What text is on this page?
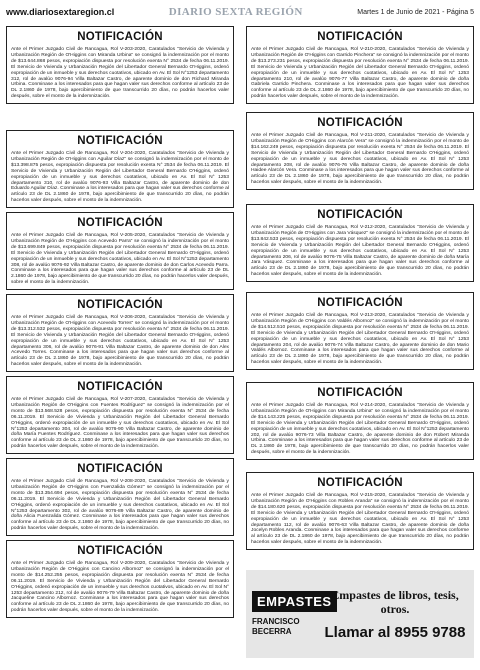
www.diariosextaregion.cl	DIARIO SEXTA REGIÓN	Martes 1 de Junio de 2021 - Página 5
NOTIFICACIÓN

Ante el Primer Juzgado Civil de Rancagua, Rol V-203-2020, Caratulados "Servicio de Vivienda y Urbanización Región de O'Higgins con Miranda Urbina" se consignó la indemnización por el monto de $13.644.868 pesos, expropiación dispuesta por resolución exenta N° 2534 de fecha 06.11.2019. El Servicio de Vivienda y Urbanización Región del Libertador General Bernardo O'Higgins, ordenó expropiación de un inmueble y sus derechos cuotativos, ubicado en Av. El Sol N°1253 departamento 312, rol de avalúo 9076-94 Villa Baltazar Castro, de aparente dominio de don Richard Miranda Urbina. Conminase a los interesados para que hagan valer sus derechos conforme al artículo 23 de DL 2.1860 de 1978, bajo apercibimiento de que transcurrido 20 días, no podrán hacerlos valer después, sobre el monto de la indemnización.

NOTIFICACIÓN

Ante el Primer Juzgado Civil de Rancagua, Rol V-204-2020, Caratulados "Servicio de Vivienda y Urbanización Región de O'Higgins con Aguilar Díaz" se consignó la indemnización por el monto de $13.398.875 pesos, expropiación dispuesta por resolución exenta N° 2534 de fecha 06.11.2019. El Servicio de Vivienda y Urbanización Región del Libertador General Bernardo O'Higgins, ordenó expropiación de un inmueble y sus derechos cuotativos, ubicado en Av. El Sol N° 1253 departamento 310, rol de avalúo 9076-93 Villa Baltazar Castro, de aparente dominio de don Eduardo Aguilar Díaz. Conminase a los interesados para que hagan valer sus derechos conforme al artículo 23 de DL 2.1860 de 1978, bajo apercibimiento de que transcurrido 20 días, no podrán hacerlos valer después, sobre el monto de la indemnización.

NOTIFICACIÓN

Ante el Primer Juzgado Civil de Rancagua, Rol V-205-2020, Caratulados "Servicio de Vivienda y Urbanización Región de O'Higgins con Acevedo Parra" se consignó la indemnización por el monto de $13.699.849 pesos, expropiación dispuesta por resolución exenta N° 2534 de fecha 06.11.2019. El Servicio de Vivienda y Urbanización Región del Libertador General Bernardo O'Higgins, ordenó expropiación de un inmueble y sus derechos cuotativos, ubicado en Av. El Sol N°1253 departamento 308, rol de avalúo 9076-92 Villa Baltazar Castro, de aparente dominio de don Carlos Acevedo Parra. Conminase a los interesados para que hagan valer sus derechos conforme al artículo 23 de DL 2.1860 de 1978, bajo apercibimiento de que transcurrido 20 días, no podrán hacerlos valer después, sobre el monto de la indemnización.

NOTIFICACIÓN

Ante el Primer Juzgado Civil de Rancagua, Rol V-206-2020, Caratulados "Servicio de Vivienda y Urbanización Región de O'Higgins con Acevedo Torres" se consignó la indemnización por el monto de $13.312.532 pesos, expropiación dispuesta por resolución exenta N° 2534 de fecha 06.11.2019. El Servicio de Vivienda y Urbanización Región del Libertador General Bernardo O'Higgins, ordenó expropiación de un inmueble y sus derechos cuotativos, ubicado en Av. El Sol N° 1253 departamento 306, rol de avalúo 9076-91 Villa Baltazar Castro, de aparente dominio de don Alex Acevedo Torres. Conminase a los interesados para que hagan valer sus derechos conforme al artículo 23 de DL 2.1860 de 1978, bajo apercibimiento de que transcurrido 20 días, no podrán hacerlos valer después, sobre el monto de la indemnización.

NOTIFICACIÓN

Ante el Primer Juzgado Civil de Rancagua, Rol V-207-2020, Caratulados "Servicio de Vivienda y Urbanización Región de O'Higgins con Fuentes Rodríguez" se consignó la indemnización por el monto de $13.568.528 pesos, expropiación dispuesta por resolución exenta N° 2534 de fecha 06.11.2019. El Servicio de Vivienda y Urbanización Región del Libertador General Bernardo O'Higgins, ordenó expropiación de un inmueble y sus derechos cuotativos, ubicado en Av. El Sol N°1253 departamento 304, rol de avalúo 9076-90 Villa Baltazar Castro, de aparente dominio de doña María Fuentes Rodríguez. Conminase a los interesados para que hagan valer sus derechos conforme al artículo 23 de DL 2.1860 de 1978, bajo apercibimiento de que transcurrido 20 días, no podrán hacerlos valer después, sobre el monto de la indemnización.

NOTIFICACIÓN

Ante el Primer Juzgado Civil de Rancagua, Rol V-208-2020, Caratulados "Servicio de Vivienda y Urbanización Región de O'Higgins con Fuenzalida Gómez" se consignó la indemnización por el monto de $13.354.694 pesos, expropiación dispuesta por resolución exenta N° 2534 de fecha 06.11.2019. El Servicio de Vivienda y Urbanización Región del Libertador General Bernardo O'Higgins, ordenó expropiación de un inmueble y sus derechos cuotativos, ubicado en Av. El Sol N°1253 departamento 302, rol de avalúo 9076-89 Villa Baltazar Castro, de aparente dominio de doña Alicia Fuenzalida Gómez. Conminase a los interesados para que hagan valer sus derechos conforme al artículo 23 de DL 2.1860 de 1978, bajo apercibimiento de que transcurrido 20 días, no podrán hacerlos valer después, sobre el monto de la indemnización.

NOTIFICACIÓN

Ante el Primer Juzgado Civil de Rancagua, Rol V-209-2020, Caratulados "Servicio de Vivienda y Urbanización Región de O'Higgins con Cancino Albornoz" se consignó la indemnización por el monto de $14.252.255 pesos, expropiación dispuesta por resolución exenta N° 2534 de fecha 06.11.2019. El Servicio de Vivienda y Urbanización Región del Libertador General Bernardo O'Higgins, ordenó expropiación de un inmueble y sus derechos cuotativos, ubicado en Av. El Sol N° 1253 departamento 212, rol de avalúo 9076-79 Villa Baltazar Castro, de aparente dominio de doña Jacqueline Cancino Albornoz. Conminase a los interesados para que hagan valer sus derechos conforme al artículo 23 de DL 2.1860 de 1978, bajo apercibimiento de que transcurrido 20 días, no podrán hacerlos valer después, sobre el monto de la indemnización.

NOTIFICACIÓN

Ante el Primer Juzgado Civil de Rancagua, Rol V-210-2020, Caratulados "Servicio de Vivienda y Urbanización Región de O'Higgins con Garrido Pinchera" se consignó la indemnización por el monto de $13.273.231 pesos, expropiación dispuesta por resolución exenta N° 2534 de fecha 06.11.2019. El Servicio de Vivienda y Urbanización Región del Libertador General Bernardo O'Higgins, ordenó expropiación de un inmueble y sus derechos cuotativos, ubicado en Av. El Sol N° 1253 departamento 210, rol de avalúo 9076-77 Villa Baltazar Castro, de aparente dominio de doña Gabriela Garrido Pinchera. Conminase a los interesados para que hagan valer sus derechos conforme al artículo 23 de DL 2.1860 de 1978, bajo apercibimiento de que transcurrido 20 días, no podrán hacerlos valer después, sobre el monto de la indemnización.

NOTIFICACIÓN

Ante el Primer Juzgado Civil de Rancagua, Rol V-211-2020, Caratulados "Servicio de Vivienda y Urbanización Región de O'Higgins con Alarcón Vera" se consignó la indemnización por el monto de $14.162.249 pesos, expropiación dispuesta por resolución exenta N° 2534 de fecha 06.11.2019. El Servicio de Vivienda y Urbanización Región del Libertador General Bernardo O'Higgins, ordenó expropiación de un inmueble y sus derechos cuotativos, ubicado en Av. El Sol N° 1253 departamento 208, rol de avalúo 9076-76 Villa Baltazar Castro, de aparente dominio de doña Haidee Alarcón Vera. Conminase a los interesados para que hagan valer sus derechos conforme al artículo 23 de DL 2.1860 de 1978, bajo apercibimiento de que transcurrido 20 días, no podrán hacerlos valer después, sobre el monto de la indemnización.

NOTIFICACIÓN

Ante el Primer Juzgado Civil de Rancagua, Rol V-212-2020, Caratulados "Servicio de Vivienda y Urbanización Región de O'Higgins con Jara Vásquez" se consignó la indemnización por el monto de $13.842.533 pesos, expropiación dispuesta por resolución exenta N° 2534 de fecha 06.11.2019. El Servicio de Vivienda y Urbanización Región del Libertador General Bernardo O'Higgins, ordenó expropiación de un inmueble y sus derechos cuotativos, ubicado en Av. El Sol N° 1253 departamento 206, rol de avalúo 9076-75 Villa Baltazar Castro, de aparente dominio de doña María Jara Vásquez. Conminase a los interesados para que hagan valer sus derechos conforme al artículo 23 de DL 2.1860 de 1978, bajo apercibimiento de que transcurrido 20 días, no podrán hacerlos valer después, sobre el monto de la indemnización.

NOTIFICACIÓN

Ante el Primer Juzgado Civil de Rancagua, Rol V-213-2020, Caratulados "Servicio de Vivienda y Urbanización Región de O'Higgins con Valdés Albornoz" se consignó la indemnización por el monto de $14.512.510 pesos, expropiación dispuesta por resolución exenta N° 2534 de fecha 06.11.2019. El Servicio de Vivienda y Urbanización Región del Libertador General Bernardo O'Higgins, ordenó expropiación de un inmueble y sus derechos cuotativos, ubicado en Av. El Sol N° 1253 departamento 204, rol de avalúo 9076-74 Villa Baltazar Castro, de aparente dominio de don Mario Valdés Albornoz. Conminase a los interesados para que hagan valer sus derechos conforme al artículo 23 de DL 2.1860 de 1978, bajo apercibimiento de que transcurrido 20 días, no podrán hacerlos valer después, sobre el monto de la indemnización.

NOTIFICACIÓN

Ante el Primer Juzgado Civil de Rancagua, Rol V-214-2020, Caratulados "Servicio de Vivienda y Urbanización Región de O'Higgins con Miranda Urbina" se consignó la indemnización por el monto de $14.143.225 pesos, expropiación dispuesta por resolución exenta N° 2534 de fecha 06.11.2019. El Servicio de Vivienda y Urbanización Región del Libertador General Bernardo O'Higgins, ordenó expropiación de un inmueble y sus derechos cuotativos, ubicado en Av. El Sol N°1253 departamento 202, rol de avalúo 9076-73 Villa Baltazar Castro, de aparente dominio de don Robert Miranda Urbina. Conminase a los interesados para que hagan valer sus derechos conforme al artículo 23 de DL 2.1860 de 1978, bajo apercibimiento de que transcurrido 20 días, no podrán hacerlos valer después, sobre el monto de la indemnización.

NOTIFICACIÓN

Ante el Primer Juzgado Civil de Rancagua, Rol V-215-2020, Caratulados "Servicio de Vivienda y Urbanización Región de O'Higgins con Robles Aranda" se consignó la indemnización por el monto de $14.180.620 pesos, expropiación dispuesta por resolución exenta N° 2534 de fecha 06.11.2019. El Servicio de Vivienda y Urbanización Región del Libertador General Bernardo O'Higgins, ordenó expropiación de un inmueble y sus derechos cuotativos, ubicado en Av. El Sol N° 1253 departamento 112, rol de avalúo 9076-63 Villa Baltazar Castro, de aparente dominio de doña Jocelyn Robles Aranda. Conminase a los interesados para que hagan valer sus derechos conforme al artículo 23 de DL 2.1860 de 1978, bajo apercibimiento de que transcurrido 20 días, no podrán hacerlos valer después, sobre el monto de la indemnización.

EMPASTES
FRANCISCO
BECERRA
Empastes de libros, tesis, otros.
Llamar al 8955 9788
